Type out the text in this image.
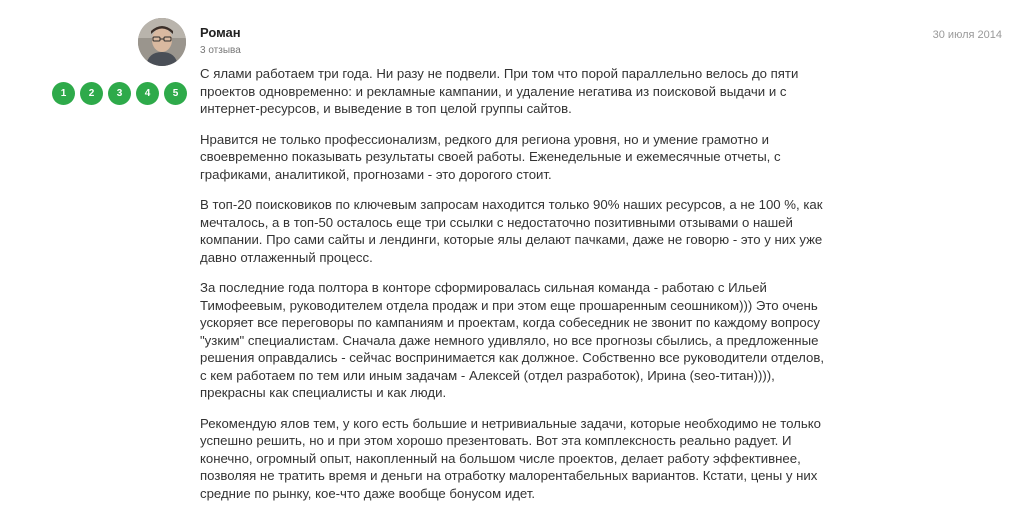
Роман
3 отзыва
30 июля 2014
1	2	3	4	5

С ялами работаем три года. Ни разу не подвели. При том что порой параллельно велось до пяти проектов одновременно: и рекламные кампании, и удаление негатива из поисковой выдачи и с интернет-ресурсов, и выведение в топ целой группы сайтов.

Нравится не только профессионализм, редкого для региона уровня, но и умение грамотно и своевременно показывать результаты своей работы. Еженедельные и ежемесячные отчеты, с графиками, аналитикой, прогнозами - это дорогого стоит.

В топ-20 поисковиков по ключевым запросам находится только 90% наших ресурсов, а не 100 %, как мечталось, а в топ-50 осталось еще три ссылки с недостаточно позитивными отзывами о нашей компании. Про сами сайты и лендинги, которые ялы делают пачками, даже не говорю - это у них уже давно отлаженный процесс.

За последние года полтора в конторе сформировалась сильная команда - работаю с Ильей Тимофеевым, руководителем отдела продаж и при этом еще прошаренным сеошником))) Это очень ускоряет все переговоры по кампаниям и проектам, когда собеседник не звонит по каждому вопросу "узким" специалистам. Сначала даже немного удивляло, но все прогнозы сбылись, а предложенные решения оправдались - сейчас воспринимается как должное. Собственно все руководители отделов, с кем работаем по тем или иным задачам - Алексей (отдел разработок), Ирина (seo-титан)))), прекрасны как специалисты и как люди.

Рекомендую ялов тем, у кого есть большие и нетривиальные задачи, которые необходимо не только успешно решить, но и при этом хорошо презентовать. Вот эта комплексность реально радует. И конечно, огромный опыт, накопленный на большом числе проектов, делает работу эффективнее, позволяя не тратить время и деньги на отработку малорентабельных вариантов. Кстати, цены у них средние по рынку, кое-что даже вообще бонусом идет.
